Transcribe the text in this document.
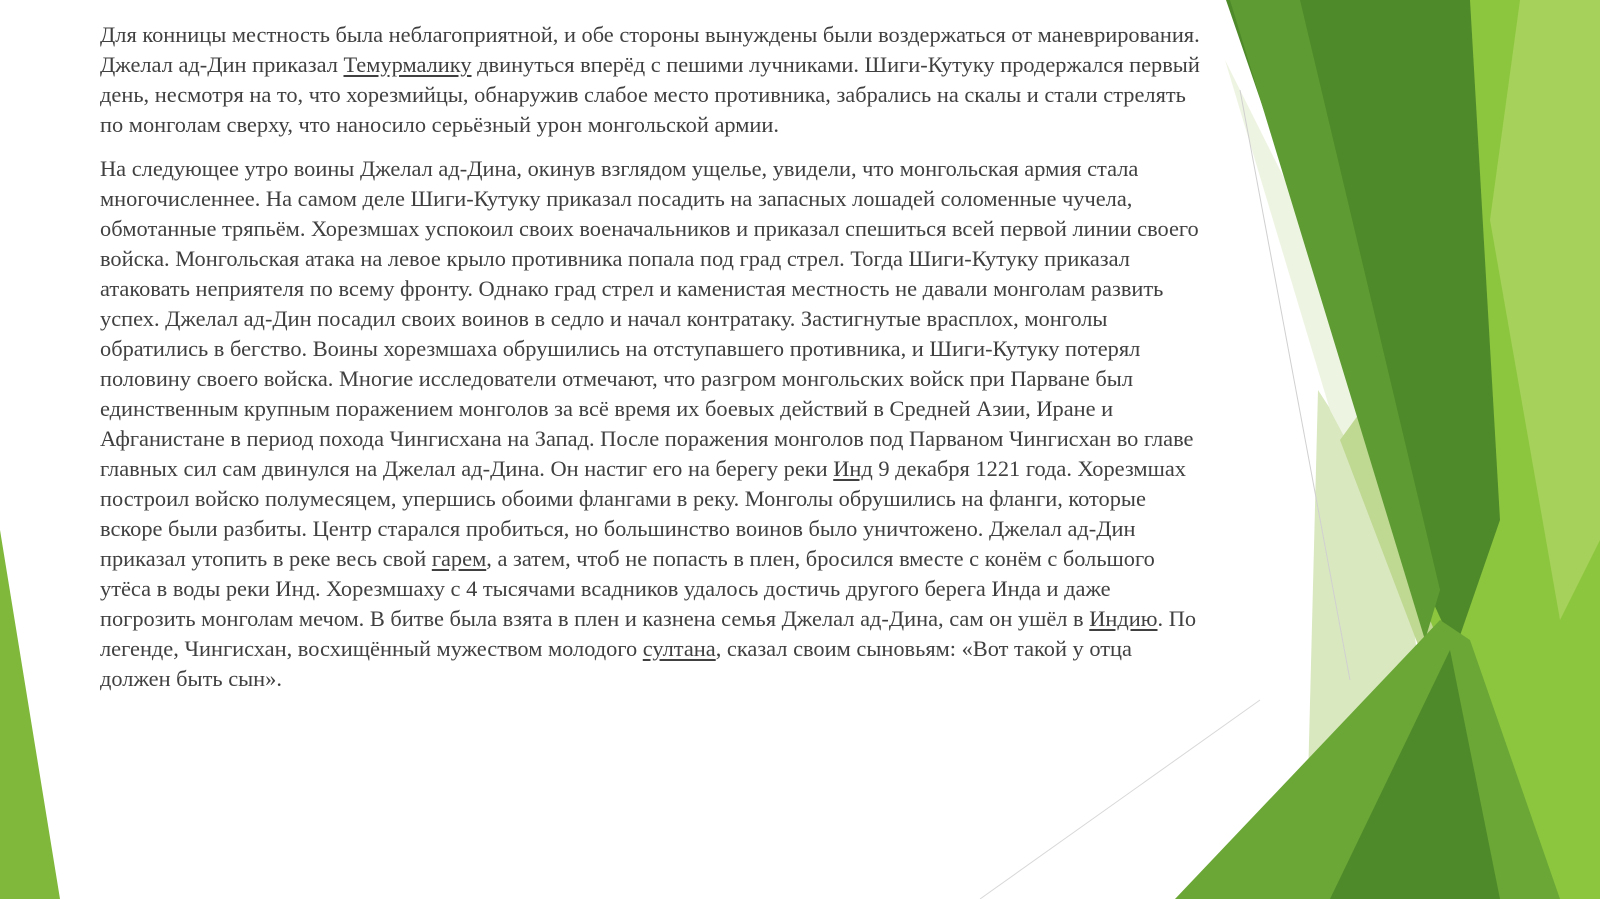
Для конницы местность была неблагоприятной, и обе стороны вынуждены были воздержаться от маневрирования. Джелал ад-Дин приказал Темурмалику двинуться вперёд с пешими лучниками. Шиги-Кутуку продержался первый день, несмотря на то, что хорезмийцы, обнаружив слабое место противника, забрались на скалы и стали стрелять по монголам сверху, что наносило серьёзный урон монгольской армии.

На следующее утро воины Джелал ад-Дина, окинув взглядом ущелье, увидели, что монгольская армия стала многочисленнее. На самом деле Шиги-Кутуку приказал посадить на запасных лошадей соломенные чучела, обмотанные тряпьём. Хорезмшах успокоил своих военачальников и приказал спешиться всей первой линии своего войска. Монгольская атака на левое крыло противника попала под град стрел. Тогда Шиги-Кутуку приказал атаковать неприятеля по всему фронту. Однако град стрел и каменистая местность не давали монголам развить успех. Джелал ад-Дин посадил своих воинов в седло и начал контратаку. Застигнутые врасплох, монголы обратились в бегство. Воины хорезмшаха обрушились на отступавшего противника, и Шиги-Кутуку потерял половину своего войска. Многие исследователи отмечают, что разгром монгольских войск при Парване был единственным крупным поражением монголов за всё время их боевых действий в Средней Азии, Иране и Афганистане в период похода Чингисхана на Запад. После поражения монголов под Парваном Чингисхан во главе главных сил сам двинулся на Джелал ад-Дина. Он настиг его на берегу реки Инд 9 декабря 1221 года. Хорезмшах построил войско полумесяцем, упершись обоими флангами в реку. Монголы обрушились на фланги, которые вскоре были разбиты. Центр старался пробиться, но большинство воинов было уничтожено. Джелал ад-Дин приказал утопить в реке весь свой гарем, а затем, чтоб не попасть в плен, бросился вместе с конём с большого утёса в воды реки Инд. Хорезмшаху с 4 тысячами всадников удалось достичь другого берега Инда и даже погрозить монголам мечом. В битве была взята в плен и казнена семья Джелал ад-Дина, сам он ушёл в Индию. По легенде, Чингисхан, восхищённый мужеством молодого султана, сказал своим сыновьям: «Вот такой у отца должен быть сын».
